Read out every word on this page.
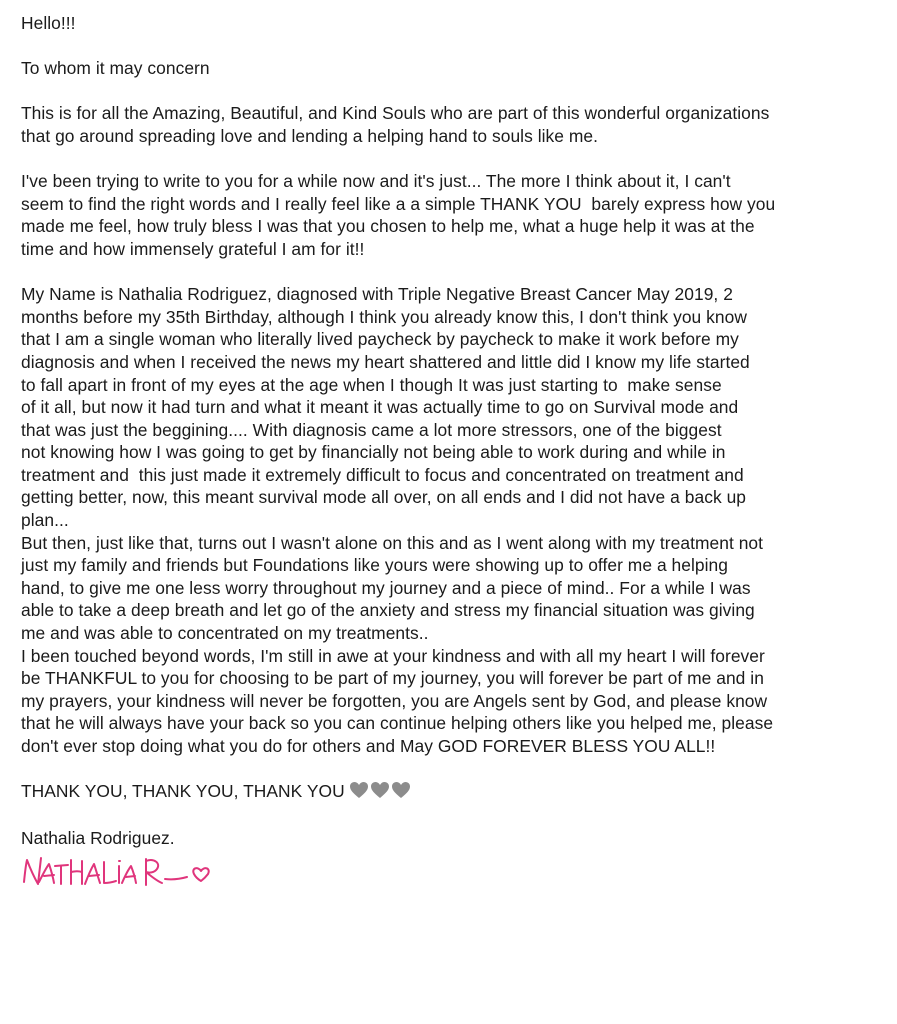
Hello!!!
To whom it may concern
This is for all the Amazing, Beautiful, and Kind Souls who are part of this wonderful organizations
that go around spreading love and lending a helping hand to souls like me.
I've been trying to write to you for a while now and it's just... The more I think about it, I can't
seem to find the right words and I really feel like a a simple THANK YOU  barely express how you
made me feel, how truly bless I was that you chosen to help me, what a huge help it was at the
time and how immensely grateful I am for it!!
My Name is Nathalia Rodriguez, diagnosed with Triple Negative Breast Cancer May 2019, 2
months before my 35th Birthday, although I think you already know this, I don't think you know
that I am a single woman who literally lived paycheck by paycheck to make it work before my
diagnosis and when I received the news my heart shattered and little did I know my life started
to fall apart in front of my eyes at the age when I though It was just starting to  make sense
of it all, but now it had turn and what it meant it was actually time to go on Survival mode and
that was just the beggining.... With diagnosis came a lot more stressors, one of the biggest
not knowing how I was going to get by financially not being able to work during and while in
treatment and  this just made it extremely difficult to focus and concentrated on treatment and
getting better, now, this meant survival mode all over, on all ends and I did not have a back up
plan...
But then, just like that, turns out I wasn't alone on this and as I went along with my treatment not
just my family and friends but Foundations like yours were showing up to offer me a helping
hand, to give me one less worry throughout my journey and a piece of mind.. For a while I was
able to take a deep breath and let go of the anxiety and stress my financial situation was giving
me and was able to concentrated on my treatments..
I been touched beyond words, I'm still in awe at your kindness and with all my heart I will forever
be THANKFUL to you for choosing to be part of my journey, you will forever be part of me and in
my prayers, your kindness will never be forgotten, you are Angels sent by God, and please know
that he will always have your back so you can continue helping others like you helped me, please
don't ever stop doing what you do for others and May GOD FOREVER BLESS YOU ALL!!
THANK YOU, THANK YOU, THANK YOU
Nathalia Rodriguez.
